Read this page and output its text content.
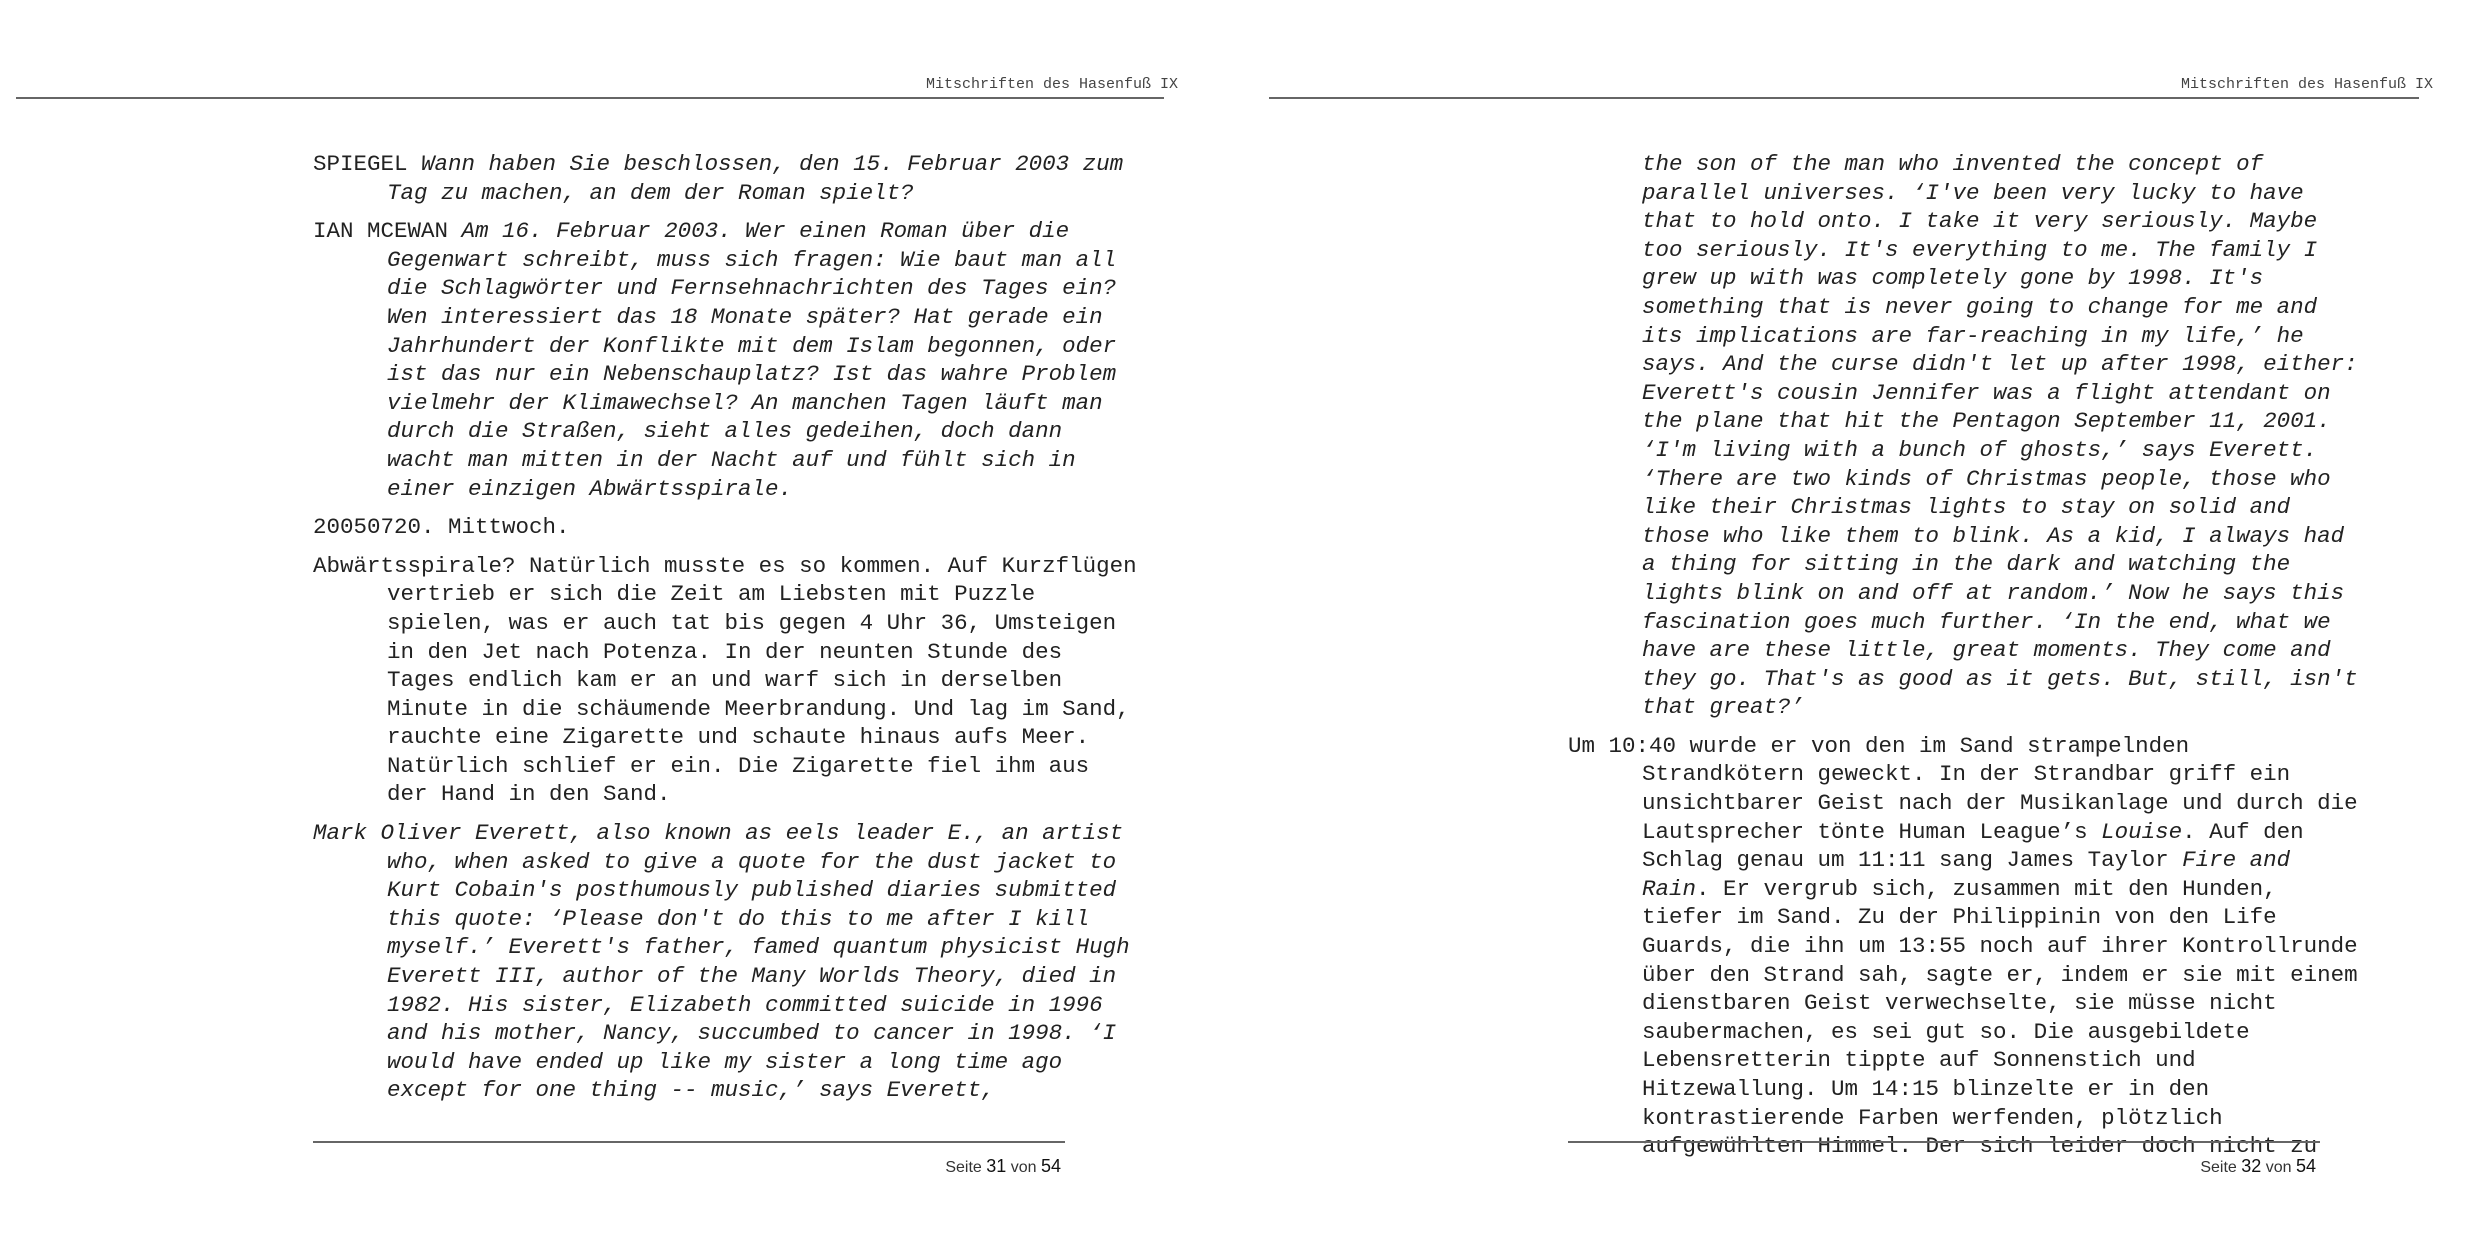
Mitschriften des Hasenfuß IX

SPIEGEL Wann haben Sie beschlossen, den 15. Februar 2003 zum Tag zu machen, an dem der Roman spielt?

IAN MCEWAN Am 16. Februar 2003. Wer einen Roman über die Gegenwart schreibt, muss sich fragen: Wie baut man all die Schlagwörter und Fernsehnachrichten des Tages ein? Wen interessiert das 18 Monate später? Hat gerade ein Jahrhundert der Konflikte mit dem Islam begonnen, oder ist das nur ein Nebenschauplatz? Ist das wahre Problem vielmehr der Klimawechsel? An manchen Tagen läuft man durch die Straßen, sieht alles gedeihen, doch dann wacht man mitten in der Nacht auf und fühlt sich in einer einzigen Abwärtsspirale.

20050720. Mittwoch.

Abwärtsspirale? Natürlich musste es so kommen. Auf Kurzflügen vertrieb er sich die Zeit am Liebsten mit Puzzle spielen, was er auch tat bis gegen 4 Uhr 36, Umsteigen in den Jet nach Potenza. In der neunten Stunde des Tages endlich kam er an und warf sich in derselben Minute in die schäumende Meerbrandung. Und lag im Sand, rauchte eine Zigarette und schaute hinaus aufs Meer. Natürlich schlief er ein. Die Zigarette fiel ihm aus der Hand in den Sand.

Mark Oliver Everett, also known as eels leader E., an artist who, when asked to give a quote for the dust jacket to Kurt Cobain's posthumously published diaries submitted this quote: ‘Please don't do this to me after I kill myself.’ Everett's father, famed quantum physicist Hugh Everett III, author of the Many Worlds Theory, died in 1982. His sister, Elizabeth committed suicide in 1996 and his mother, Nancy, succumbed to cancer in 1998. ‘I would have ended up like my sister a long time ago except for one thing -- music,’ says Everett,

Seite 31 von 54
Mitschriften des Hasenfuß IX

the son of the man who invented the concept of parallel universes. ‘I've been very lucky to have that to hold onto. I take it very seriously. Maybe too seriously. It's everything to me. The family I grew up with was completely gone by 1998. It's something that is never going to change for me and its implications are far-reaching in my life,’ he says. And the curse didn't let up after 1998, either: Everett's cousin Jennifer was a flight attendant on the plane that hit the Pentagon September 11, 2001. ‘I'm living with a bunch of ghosts,’ says Everett. ‘There are two kinds of Christmas people, those who like their Christmas lights to stay on solid and those who like them to blink. As a kid, I always had a thing for sitting in the dark and watching the lights blink on and off at random.’ Now he says this fascination goes much further. ‘In the end, what we have are these little, great moments. They come and they go. That's as good as it gets. But, still, isn't that great?’

Um 10:40 wurde er von den im Sand strampelnden Strandkötern geweckt. In der Strandbar griff ein unsichtbarer Geist nach der Musikanlage und durch die Lautsprecher tönte Human League’s Louise. Auf den Schlag genau um 11:11 sang James Taylor Fire and Rain. Er vergrub sich, zusammen mit den Hunden, tiefer im Sand. Zu der Philippinin von den Life Guards, die ihn um 13:55 noch auf ihrer Kontrollrunde über den Strand sah, sagte er, indem er sie mit einem dienstbaren Geist verwechselte, sie müsse nicht saubermachen, es sei gut so. Die ausgebildete Lebensretterin tippte auf Sonnenstich und Hitzewallung. Um 14:15 blinzelte er in den kontrastierende Farben werfenden, plötzlich aufgewühlten Himmel. Der sich leider doch nicht zu

Seite 32 von 54
